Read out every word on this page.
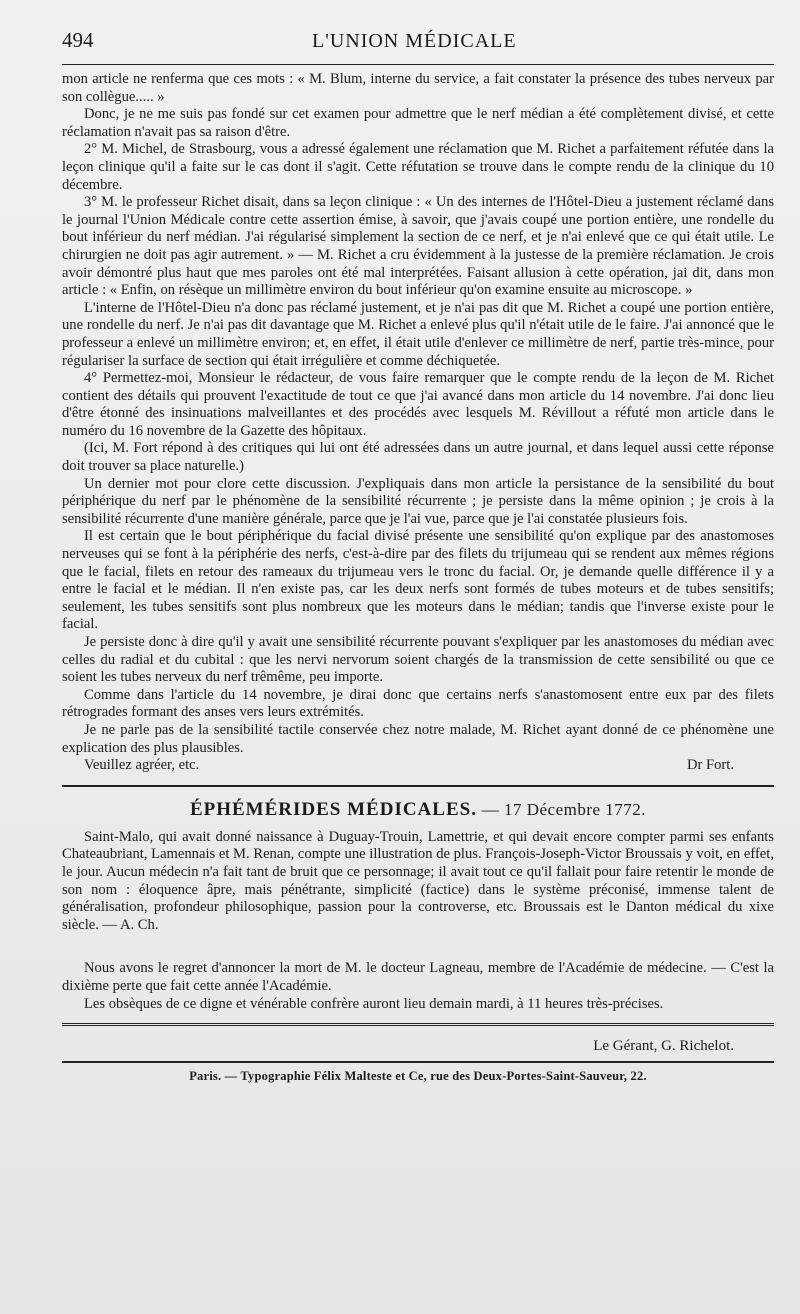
494	L'UNION MÉDICALE

mon article ne renferma que ces mots : « M. Blum, interne du service, a fait constater la présence des tubes nerveux par son collègue..... »

Donc, je ne me suis pas fondé sur cet examen pour admettre que le nerf médian a été complètement divisé, et cette réclamation n'avait pas sa raison d'être.

2° M. Michel, de Strasbourg, vous a adressé également une réclamation que M. Richet a parfaitement réfutée dans la leçon clinique qu'il a faite sur le cas dont il s'agit. Cette réfutation se trouve dans le compte rendu de la clinique du 10 décembre.

3° M. le professeur Richet disait, dans sa leçon clinique : « Un des internes de l'Hôtel-Dieu a justement réclamé dans le journal l'Union Médicale contre cette assertion émise, à savoir, que j'avais coupé une portion entière, une rondelle du bout inférieur du nerf médian. J'ai régularisé simplement la section de ce nerf, et je n'ai enlevé que ce qui était utile. Le chirurgien ne doit pas agir autrement. » — M. Richet a cru évidemment à la justesse de la première réclamation. Je crois avoir démontré plus haut que mes paroles ont été mal interprétées. Faisant allusion à cette opération, jai dit, dans mon article : « Enfin, on résèque un millimètre environ du bout inférieur qu'on examine ensuite au microscope. »

L'interne de l'Hôtel-Dieu n'a donc pas réclamé justement, et je n'ai pas dit que M. Richet a coupé une portion entière, une rondelle du nerf. Je n'ai pas dit davantage que M. Richet a enlevé plus qu'il n'était utile de le faire. J'ai annoncé que le professeur a enlevé un millimètre environ; et, en effet, il était utile d'enlever ce millimètre de nerf, partie très-mince, pour régulariser la surface de section qui était irrégulière et comme déchiquetée.

4° Permettez-moi, Monsieur le rédacteur, de vous faire remarquer que le compte rendu de la leçon de M. Richet contient des détails qui prouvent l'exactitude de tout ce que j'ai avancé dans mon article du 14 novembre. J'ai donc lieu d'être étonné des insinuations malveillantes et des procédés avec lesquels M. Révillout a réfuté mon article dans le numéro du 16 novembre de la Gazette des hôpitaux.

(Ici, M. Fort répond à des critiques qui lui ont été adressées dans un autre journal, et dans lequel aussi cette réponse doit trouver sa place naturelle.)

Un dernier mot pour clore cette discussion. J'expliquais dans mon article la persistance de la sensibilité du bout périphérique du nerf par le phénomène de la sensibilité récurrente ; je persiste dans la même opinion ; je crois à la sensibilité récurrente d'une manière générale, parce que je l'ai vue, parce que je l'ai constatée plusieurs fois.

Il est certain que le bout périphérique du facial divisé présente une sensibilité qu'on explique par des anastomoses nerveuses qui se font à la périphérie des nerfs, c'est-à-dire par des filets du trijumeau qui se rendent aux mêmes régions que le facial, filets en retour des rameaux du trijumeau vers le tronc du facial. Or, je demande quelle différence il y a entre le facial et le médian. Il n'en existe pas, car les deux nerfs sont formés de tubes moteurs et de tubes sensitifs; seulement, les tubes sensitifs sont plus nombreux que les moteurs dans le médian; tandis que l'inverse existe pour le facial.

Je persiste donc à dire qu'il y avait une sensibilité récurrente pouvant s'expliquer par les anastomoses du médian avec celles du radial et du cubital : que les nervi nervorum soient chargés de la transmission de cette sensibilité ou que ce soient les tubes nerveux du nerf trêmême, peu importe.

Comme dans l'article du 14 novembre, je dirai donc que certains nerfs s'anastomosent entre eux par des filets rétrogrades formant des anses vers leurs extrémités.

Je ne parle pas de la sensibilité tactile conservée chez notre malade, M. Richet ayant donné de ce phénomène une explication des plus plausibles.

Veuillez agréer, etc.	Dr Fort.
ÉPHÉMÉRIDES MÉDICALES. — 17 Décembre 1772.

Saint-Malo, qui avait donné naissance à Duguay-Trouin, Lamettrie, et qui devait encore compter parmi ses enfants Chateaubriant, Lamennais et M. Renan, compte une illustration de plus. François-Joseph-Victor Broussais y voit, en effet, le jour. Aucun médecin n'a fait tant de bruit que ce personnage; il avait tout ce qu'il fallait pour faire retentir le monde de son nom : éloquence âpre, mais pénétrante, simplicité (factice) dans le système préconisé, immense talent de généralisation, profondeur philosophique, passion pour la controverse, etc. Broussais est le Danton médical du xixe siècle. — A. Ch.

Nous avons le regret d'annoncer la mort de M. le docteur Lagneau, membre de l'Académie de médecine. — C'est la dixième perte que fait cette année l'Académie.

Les obsèques de ce digne et vénérable confrère auront lieu demain mardi, à 11 heures très-précises.

Le Gérant, G. Richelot.
Paris. — Typographie Félix Malteste et Ce, rue des Deux-Portes-Saint-Sauveur, 22.
